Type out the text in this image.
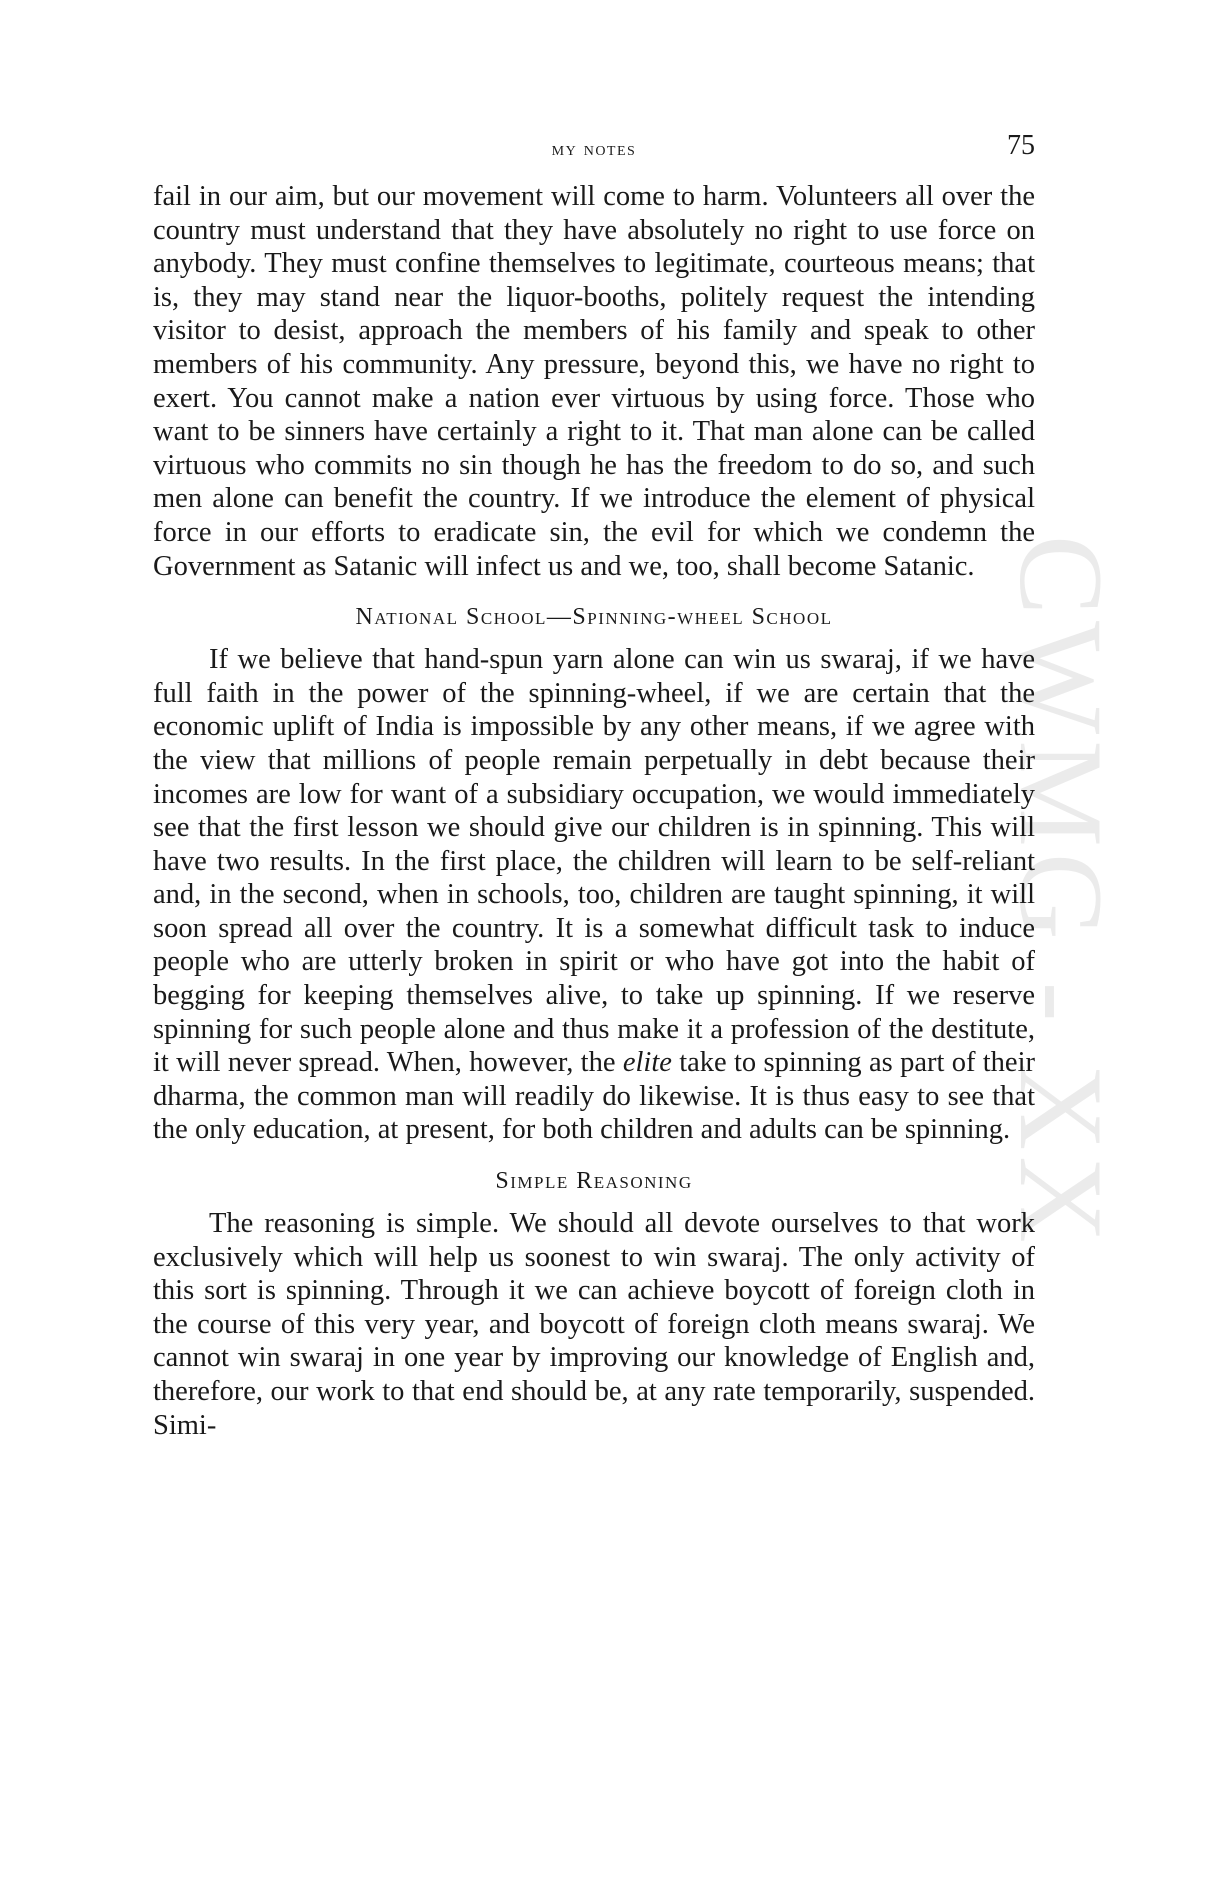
CWMG - XX
my notes	75

fail in our aim, but our movement will come to harm. Volunteers all over the country must understand that they have absolutely no right to use force on anybody. They must confine themselves to legitimate, courteous means; that is, they may stand near the liquor-booths, politely request the intending visitor to desist, approach the members of his family and speak to other members of his community. Any pressure, beyond this, we have no right to exert. You cannot make a nation ever virtuous by using force. Those who want to be sinners have certainly a right to it. That man alone can be called virtuous who commits no sin though he has the freedom to do so, and such men alone can benefit the country. If we introduce the element of physical force in our efforts to eradicate sin, the evil for which we condemn the Government as Satanic will infect us and we, too, shall become Satanic.

National School—Spinning-wheel School

If we believe that hand-spun yarn alone can win us swaraj, if we have full faith in the power of the spinning-wheel, if we are certain that the economic uplift of India is impossible by any other means, if we agree with the view that millions of people remain perpetually in debt because their incomes are low for want of a subsidiary occupation, we would immediately see that the first lesson we should give our children is in spinning. This will have two results. In the first place, the children will learn to be self-reliant and, in the second, when in schools, too, children are taught spinning, it will soon spread all over the country. It is a somewhat difficult task to induce people who are utterly broken in spirit or who have got into the habit of begging for keeping themselves alive, to take up spinning. If we reserve spinning for such people alone and thus make it a profession of the destitute, it will never spread. When, however, the elite take to spinning as part of their dharma, the common man will readily do likewise. It is thus easy to see that the only education, at present, for both children and adults can be spinning.

Simple Reasoning

The reasoning is simple. We should all devote ourselves to that work exclusively which will help us soonest to win swaraj. The only activity of this sort is spinning. Through it we can achieve boycott of foreign cloth in the course of this very year, and boycott of foreign cloth means swaraj. We cannot win swaraj in one year by improving our knowledge of English and, therefore, our work to that end should be, at any rate temporarily, suspended. Simi-
